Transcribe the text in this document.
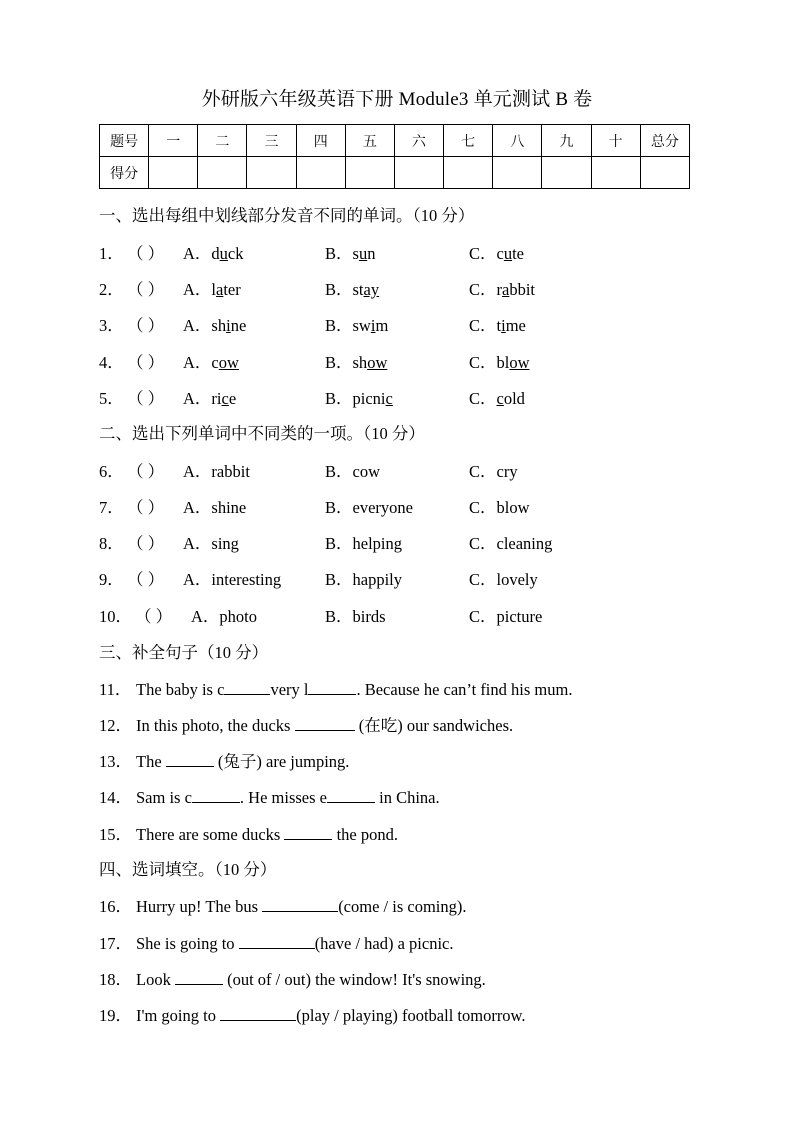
外研版六年级英语下册 Module3 单元测试 B 卷
题号	一	二	三	四	五	六	七	八	九	十	总分
得分											
一、选出每组中划线部分发音不同的单词。（10 分）
1． （ ） A．duck	B．sun	C．cute
2． （ ） A．later	B．stay	C．rabbit
3． （ ） A．shine	B．swim	C．time
4． （ ） A．cow	B．show	C．blow
5． （ ） A．rice	B．picnic	C．cold
二、选出下列单词中不同类的一项。（10 分）
6． （ ） A．rabbit	B．cow	C．cry
7． （ ） A．shine	B．everyone	C．blow
8． （ ） A．sing	B．helping	C．cleaning
9． （ ） A．interesting	B．happily	C．lovely
10． （ ） A．photo	B．birds	C．picture
三、补全句子（10 分）
11． The baby is c	very l	. Because he can’t find his mum.
12． In this photo, the ducks	(在吃) our sandwiches.
13． The	(兔子) are jumping.
14． Sam is c	. He misses e	in China.
15． There are some ducks	the pond.
四、选词填空。（10 分）
16． Hurry up! The bus	(come / is coming).
17． She is going to	(have / had) a picnic.
18． Look	(out of / out) the window! It's snowing.
19． I'm going to	(play / playing) football tomorrow.
